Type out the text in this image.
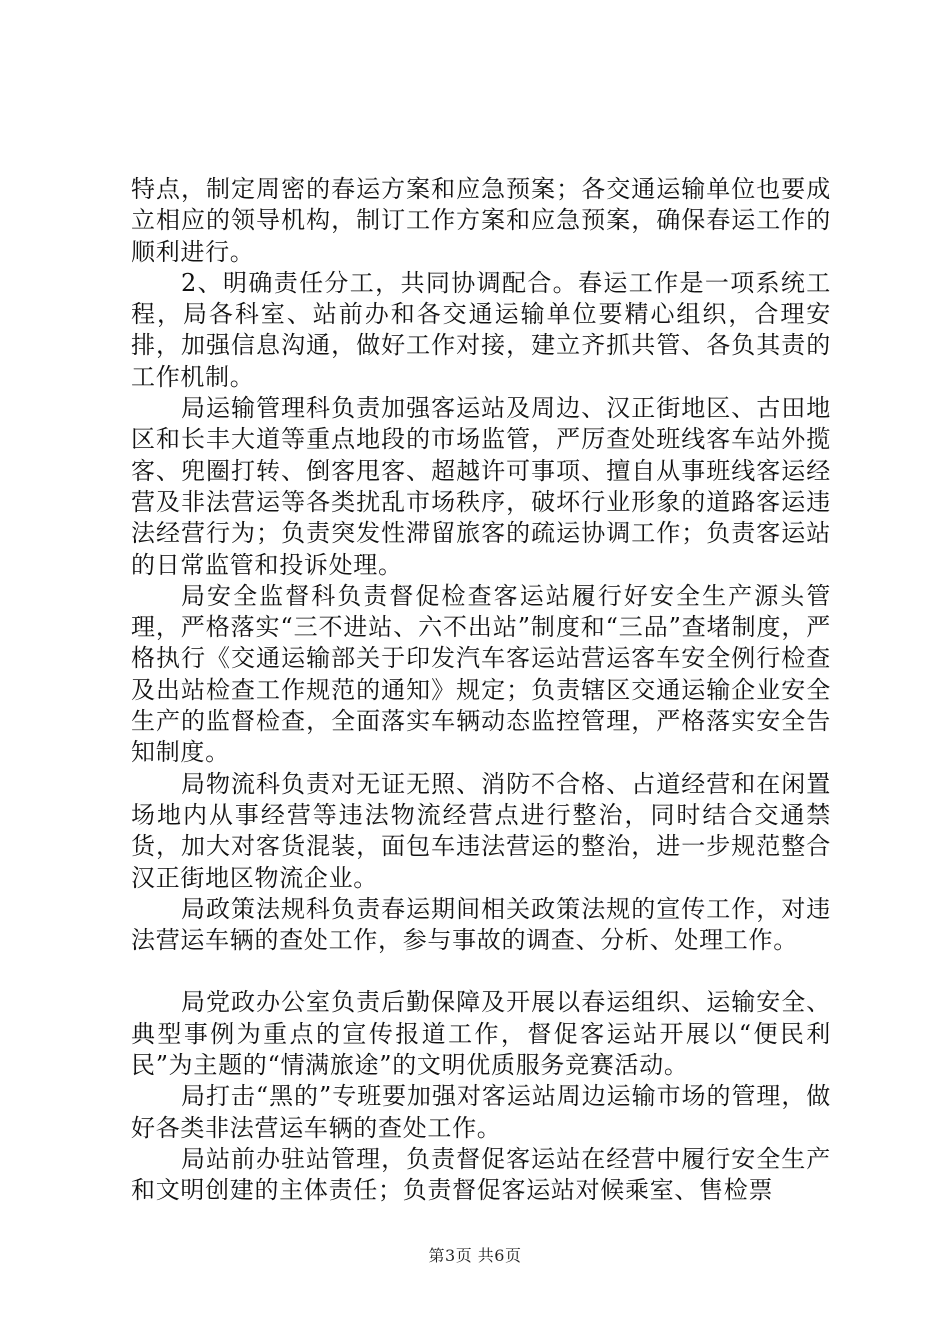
特点，制定周密的春运方案和应急预案；各交通运输单位也要成立相应的领导机构，制订工作方案和应急预案，确保春运工作的顺利进行。

2、明确责任分工，共同协调配合。春运工作是一项系统工程，局各科室、站前办和各交通运输单位要精心组织，合理安排，加强信息沟通，做好工作对接，建立齐抓共管、各负其责的工作机制。

局运输管理科负责加强客运站及周边、汉正街地区、古田地区和长丰大道等重点地段的市场监管，严厉查处班线客车站外揽客、兜圈打转、倒客甩客、超越许可事项、擅自从事班线客运经营及非法营运等各类扰乱市场秩序，破坏行业形象的道路客运违法经营行为；负责突发性滞留旅客的疏运协调工作；负责客运站的日常监管和投诉处理。

局安全监督科负责督促检查客运站履行好安全生产源头管理，严格落实“三不进站、六不出站”制度和“三品”查堵制度，严格执行《交通运输部关于印发汽车客运站营运客车安全例行检查及出站检查工作规范的通知》规定；负责辖区交通运输企业安全生产的监督检查，全面落实车辆动态监控管理，严格落实安全告知制度。

局物流科负责对无证无照、消防不合格、占道经营和在闲置场地内从事经营等违法物流经营点进行整治，同时结合交通禁货，加大对客货混装，面包车违法营运的整治，进一步规范整合汉正街地区物流企业。

局政策法规科负责春运期间相关政策法规的宣传工作，对违法营运车辆的查处工作，参与事故的调查、分析、处理工作。

局党政办公室负责后勤保障及开展以春运组织、运输安全、典型事例为重点的宣传报道工作，督促客运站开展以“便民利民”为主题的“情满旅途”的文明优质服务竞赛活动。

局打击“黑的”专班要加强对客运站周边运输市场的管理，做好各类非法营运车辆的查处工作。

局站前办驻站管理，负责督促客运站在经营中履行安全生产和文明创建的主体责任；负责督促客运站对候乘室、售检票

第3页 共6页
